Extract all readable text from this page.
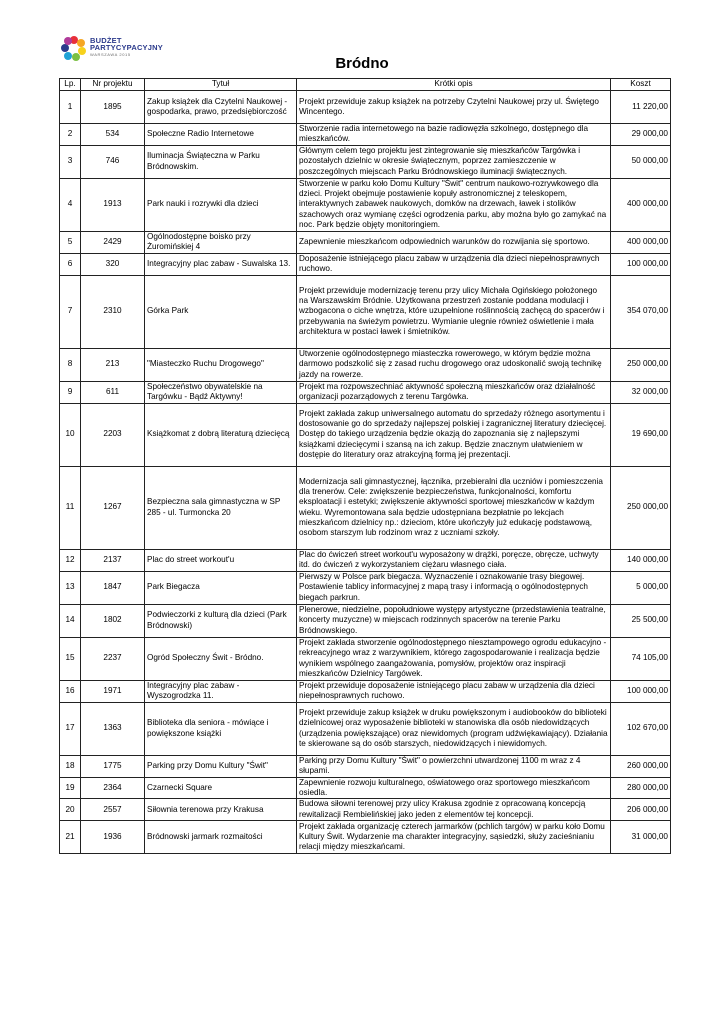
BUDŻET
PARTYCYPACYJNY
WARSZAWA 2015
Bródno
Lp.	Nr projektu	Tytuł	Krótki opis	Koszt
1	1895	Zakup książek dla Czytelni Naukowej - gospodarka, prawo, przedsiębiorczość	Projekt przewiduje zakup książek na potrzeby Czytelni Naukowej przy ul. Świętego Wincentego.	11 220,00
2	534	Społeczne Radio Internetowe	Stworzenie radia internetowego na bazie radiowęzła szkolnego, dostępnego dla mieszkańców.	29 000,00
3	746	Iluminacja Świąteczna w Parku Bródnowskim.	Głównym celem tego projektu jest zintegrowanie się mieszkańców Targówka i pozostałych dzielnic w okresie świątecznym, poprzez zamieszczenie w poszczególnych miejscach Parku Bródnowskiego iluminacji świątecznych.	50 000,00
4	1913	Park nauki i rozrywki dla dzieci	Stworzenie w parku koło Domu Kultury "Świt" centrum naukowo-rozrywkowego dla dzieci. Projekt obejmuje postawienie kopuły astronomicznej z teleskopem, interaktywnych zabawek naukowych, domków na drzewach, ławek i stolików szachowych oraz wymianę części ogrodzenia parku, aby można było go zamykać na noc. Park będzie objęty monitoringiem.	400 000,00
5	2429	Ogólnodostępne boisko przy Żuromińskiej 4	Zapewnienie mieszkańcom odpowiednich warunków do rozwijania się sportowo.	400 000,00
6	320	Integracyjny plac zabaw - Suwalska 13.	Doposażenie istniejącego placu zabaw w urządzenia dla dzieci niepełnosprawnych ruchowo.	100 000,00
7	2310	Górka Park	Projekt przewiduje modernizację terenu przy ulicy Michała Ogińskiego położonego na Warszawskim Bródnie. Użytkowana przestrzeń zostanie poddana modulacji i wzbogacona o ciche wnętrza, które uzupełnione roślinnością zachęcą do spacerów i przebywania na świeżym powietrzu. Wymianie ulegnie również oświetlenie i mała architektura w postaci ławek i śmietników.	354 070,00
8	213	"Miasteczko Ruchu Drogowego"	Utworzenie ogólnodostępnego miasteczka rowerowego, w którym będzie można darmowo podszkolić się z zasad ruchu drogowego oraz udoskonalić swoją technikę jazdy na rowerze.	250 000,00
9	611	Społeczeństwo obywatelskie na Targówku - Bądź Aktywny!	Projekt ma rozpowszechniać aktywność społeczną mieszkańców oraz działalność organizacji pozarządowych z terenu Targówka.	32 000,00
10	2203	Książkomat z dobrą literaturą dziecięcą	Projekt zakłada zakup uniwersalnego automatu do sprzedaży różnego asortymentu i dostosowanie go do sprzedaży najlepszej polskiej i zagranicznej literatury dziecięcej. Dostęp do takiego urządzenia będzie okazją do zapoznania się z najlepszymi książkami dziecięcymi i szansą na ich zakup. Będzie znacznym ułatwieniem w dostępie do literatury oraz atrakcyjną formą jej prezentacji.	19 690,00
11	1267	Bezpieczna sala gimnastyczna w SP 285 - ul. Turmoncka 20	Modernizacja sali gimnastycznej, łącznika, przebieralni dla uczniów i pomieszczenia dla trenerów. Cele: zwiększenie bezpieczeństwa, funkcjonalności, komfortu eksploatacji i estetyki; zwiększenie aktywności sportowej mieszkańców w każdym wieku. Wyremontowana sala będzie udostępniana bezpłatnie po lekcjach mieszkańcom dzielnicy np.: dzieciom, które ukończyły już edukację podstawową, osobom starszym lub rodzinom wraz z uczniami szkoły.	250 000,00
12	2137	Plac do street workout'u	Plac do ćwiczeń street workout'u wyposażony w drążki, poręcze, obręcze, uchwyty itd. do ćwiczeń z wykorzystaniem ciężaru własnego ciała.	140 000,00
13	1847	Park Biegacza	Pierwszy w Polsce park biegacza. Wyznaczenie i oznakowanie trasy biegowej. Postawienie tablicy informacyjnej z mapą trasy i informacją o ogólnodostępnych biegach parkrun.	5 000,00
14	1802	Podwieczorki z kulturą dla dzieci (Park Bródnowski)	Plenerowe, niedzielne, popołudniowe występy artystyczne (przedstawienia teatralne, koncerty muzyczne) w miejscach rodzinnych spacerów na terenie Parku Bródnowskiego.	25 500,00
15	2237	Ogród Społeczny Świt - Bródno.	Projekt zakłada stworzenie ogólnodostępnego niesztampowego ogrodu edukacyjno - rekreacyjnego wraz z warzywnikiem, którego zagospodarowanie i realizacja będzie wynikiem wspólnego zaangażowania, pomysłów, projektów oraz inspiracji mieszkańców Dzielnicy Targówek.	74 105,00
16	1971	Integracyjny plac zabaw - Wyszogrodzka 11.	Projekt przewiduje doposażenie istniejącego placu zabaw w urządzenia dla dzieci niepełnosprawnych ruchowo.	100 000,00
17	1363	Biblioteka dla seniora - mówiące i powiększone książki	Projekt przewiduje zakup książek w druku powiększonym i audiobooków do biblioteki dzielnicowej oraz wyposażenie biblioteki w stanowiska dla osób niedowidzących (urządzenia powiększające) oraz niewidomych (program udźwiękawiający). Działania te skierowane są do osób starszych, niedowidzących i niewidomych.	102 670,00
18	1775	Parking przy Domu Kultury "Świt"	Parking przy Domu Kultury "Świt" o powierzchni utwardzonej 1100 m wraz z 4 słupami.	260 000,00
19	2364	Czarnecki Square	Zapewnienie rozwoju kulturalnego, oświatowego oraz sportowego mieszkańcom osiedla.	280 000,00
20	2557	Siłownia terenowa przy Krakusa	Budowa siłowni terenowej przy ulicy Krakusa zgodnie z opracowaną koncepcją rewitalizacji Rembielińskiej jako jeden z elementów tej koncepcji.	206 000,00
21	1936	Bródnowski jarmark rozmaitości	Projekt zakłada organizację czterech jarmarków (pchlich targów) w parku koło Domu Kultury Świt. Wydarzenie ma charakter integracyjny, sąsiedzki, służy zacieśnianiu relacji między mieszkańcami.	31 000,00
